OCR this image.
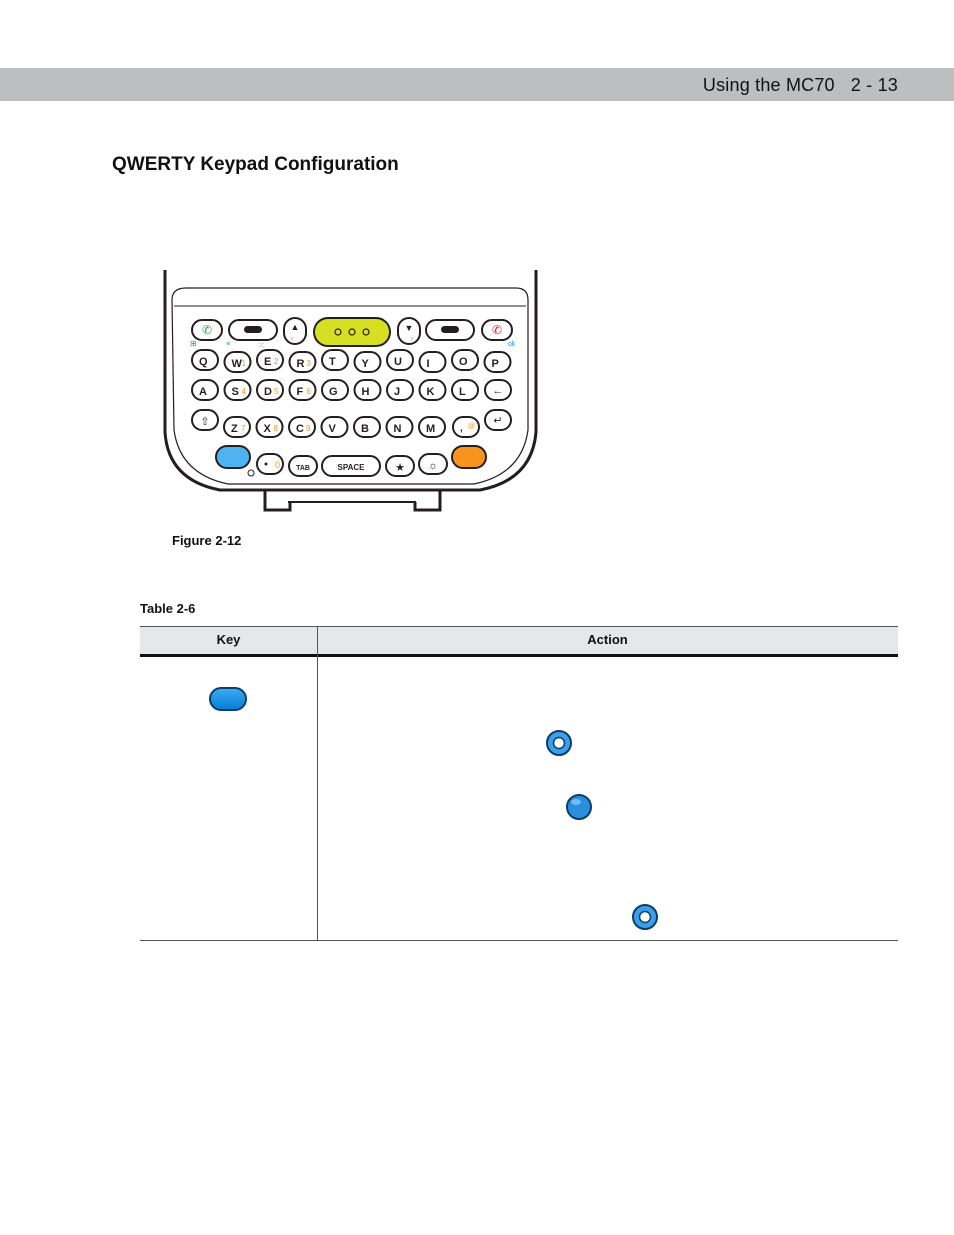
Using the MC70 2 - 13
QWERTY Keypad Configuration
✆	▲
‹
▼
›
✆
⊞	≡	⁙	ok
Q W 1 E 2 R 3 T Y U I	O P
A S 4 D 5 F 6 G H J K L
Z 7 X 8 C 9 V B N M
⇧
←
↵
, @
0 TAB	SPACE	★ ☼
Figure 2-12
Table 2-6
Key	Action
